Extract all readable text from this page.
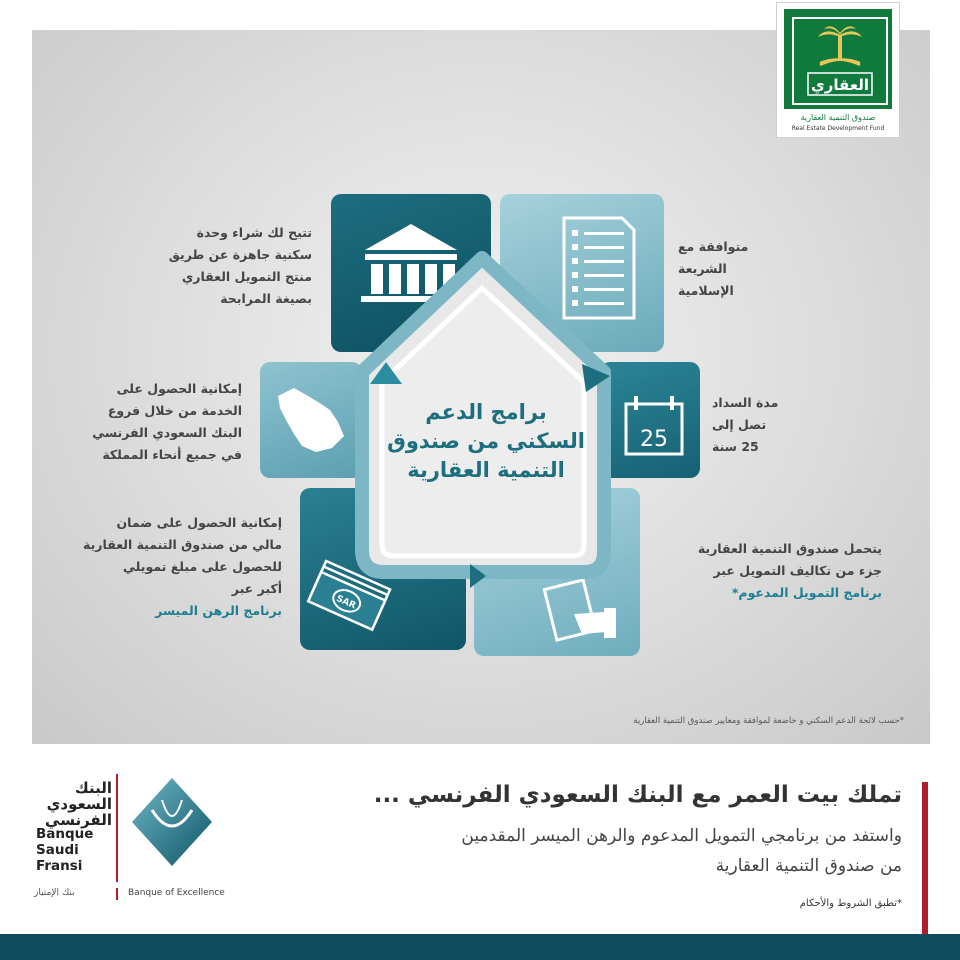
العقاري
صندوق التنمية العقارية
Real Estate Development Fund
25
SAR
برامج الدعم
السكني من صندوق
التنمية العقارية
تتيح لك شراء وحدة
سكنية جاهزة عن طريق
منتج التمويل العقاري
بصيغة المرابحة
متوافقة مع
الشريعة
الإسلامية
إمكانية الحصول على
الخدمة من خلال فروع
البنك السعودي الفرنسي
في جميع أنحاء المملكة
مدة السداد
تصل إلى
25 سنة
إمكانية الحصول على ضمان
مالي من صندوق التنمية العقارية
للحصول على مبلغ تمويلي
أكبر عبر
برنامج الرهن الميسر
يتحمل صندوق التنمية العقارية
جزء من تكاليف التمويل عبر
برنامج التمويل المدعوم*
*حسب لائحة الدعم السكني و خاضعة لموافقة ومعايير صندوق التنمية العقارية
البنك
السعودي
الفرنسي
Banque
Saudi
Fransi
بنك الإمتياز	Banque of Excellence
تملك بيت العمر مع البنك السعودي الفرنسي ...
واستفد من برنامجي التمويل المدعوم والرهن الميسر المقدمين
من صندوق التنمية العقارية
*تطبق الشروط والأحكام
